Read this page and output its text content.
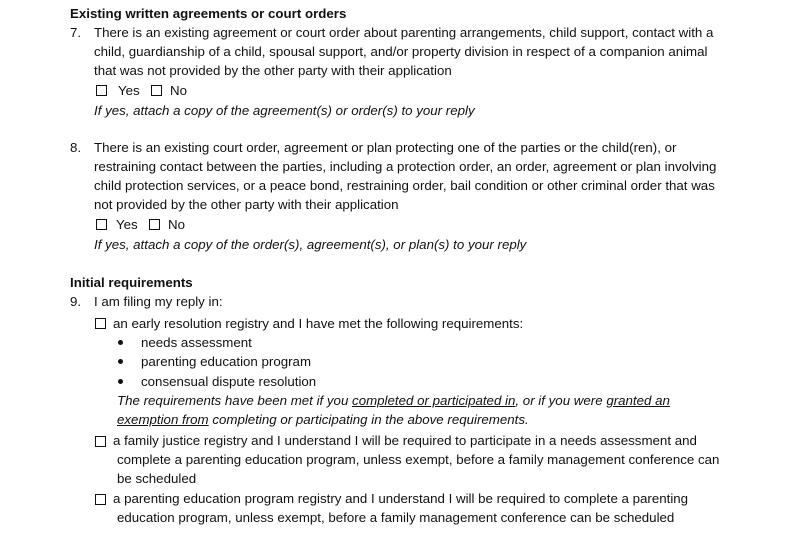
Existing written agreements or court orders
7. There is an existing agreement or court order about parenting arrangements, child support, contact with a
child, guardianship of a child, spousal support, and/or property division in respect of a companion animal
that was not provided by the other party with their application
Yes No
If yes, attach a copy of the agreement(s) or order(s) to your reply
8. There is an existing court order, agreement or plan protecting one of the parties or the child(ren), or
restraining contact between the parties, including a protection order, an order, agreement or plan involving
child protection services, or a peace bond, restraining order, bail condition or other criminal order that was
not provided by the other party with their application
Yes No
If yes, attach a copy of the order(s), agreement(s), or plan(s) to your reply
Initial requirements
9. I am filing my reply in:
an early resolution registry and I have met the following requirements:
needs assessment
parenting education program
consensual dispute resolution
The requirements have been met if you completed or participated in, or if you were granted an
exemption from completing or participating in the above requirements.
a family justice registry and I understand I will be required to participate in a needs assessment and
complete a parenting education program, unless exempt, before a family management conference can
be scheduled
a parenting education program registry and I understand I will be required to complete a parenting
education program, unless exempt, before a family management conference can be scheduled
